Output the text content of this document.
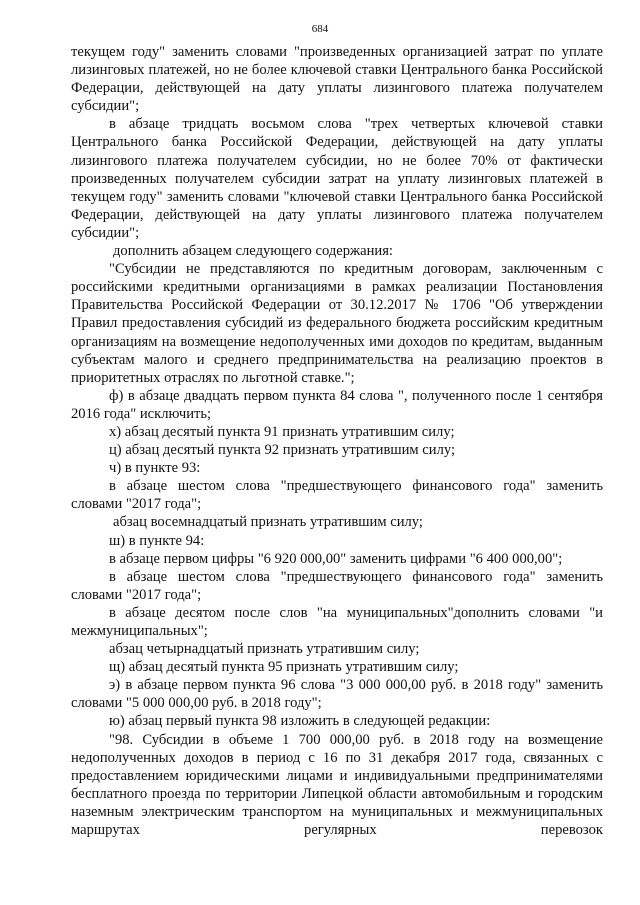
684

текущем году" заменить словами "произведенных организацией затрат по уплате лизинговых платежей, но не более ключевой ставки Центрального банка Российской Федерации, действующей на дату уплаты лизингового платежа получателем субсидии";

в абзаце тридцать восьмом слова "трех четвертых ключевой ставки Центрального банка Российской Федерации, действующей на дату уплаты лизингового платежа получателем субсидии, но не более 70% от фактически произведенных получателем субсидии затрат на уплату лизинговых платежей в текущем году" заменить словами "ключевой ставки Центрального банка Российской Федерации, действующей на дату уплаты лизингового платежа получателем субсидии";

дополнить абзацем следующего содержания:

"Субсидии не представляются по кредитным договорам, заключенным с российскими кредитными организациями в рамках реализации Постановления Правительства Российской Федерации от 30.12.2017 № 1706 "Об утверждении Правил предоставления субсидий из федерального бюджета российским кредитным организациям на возмещение недополученных ими доходов по кредитам, выданным субъектам малого и среднего предпринимательства на реализацию проектов в приоритетных отраслях по льготной ставке.";

ф) в абзаце двадцать первом пункта 84 слова ", полученного после 1 сентября 2016 года" исключить;

х) абзац десятый пункта 91 признать утратившим силу;

ц) абзац десятый пункта 92 признать утратившим силу;

ч) в пункте 93:

в абзаце шестом слова "предшествующего финансового года" заменить словами "2017 года";

абзац восемнадцатый признать утратившим силу;

ш) в пункте 94:

в абзаце первом цифры "6 920 000,00" заменить цифрами "6 400 000,00";

в абзаце шестом слова "предшествующего финансового года" заменить словами "2017 года";

в абзаце десятом после слов "на муниципальных"дополнить словами "и межмуниципальных";

абзац четырнадцатый признать утратившим силу;

щ) абзац десятый пункта 95 признать утратившим силу;

э) в абзаце первом пункта 96 слова "3 000 000,00 руб. в 2018 году" заменить словами "5 000 000,00 руб. в 2018 году";

ю) абзац первый пункта 98 изложить в следующей редакции:

"98. Субсидии в объеме 1 700 000,00 руб. в 2018 году на возмещение недополученных доходов в период с 16 по 31 декабря 2017 года, связанных с предоставлением юридическими лицами и индивидуальными предпринимателями бесплатного проезда по территории Липецкой области автомобильным и городским наземным электрическим транспортом на муниципальных и межмуниципальных маршрутах регулярных перевозок
